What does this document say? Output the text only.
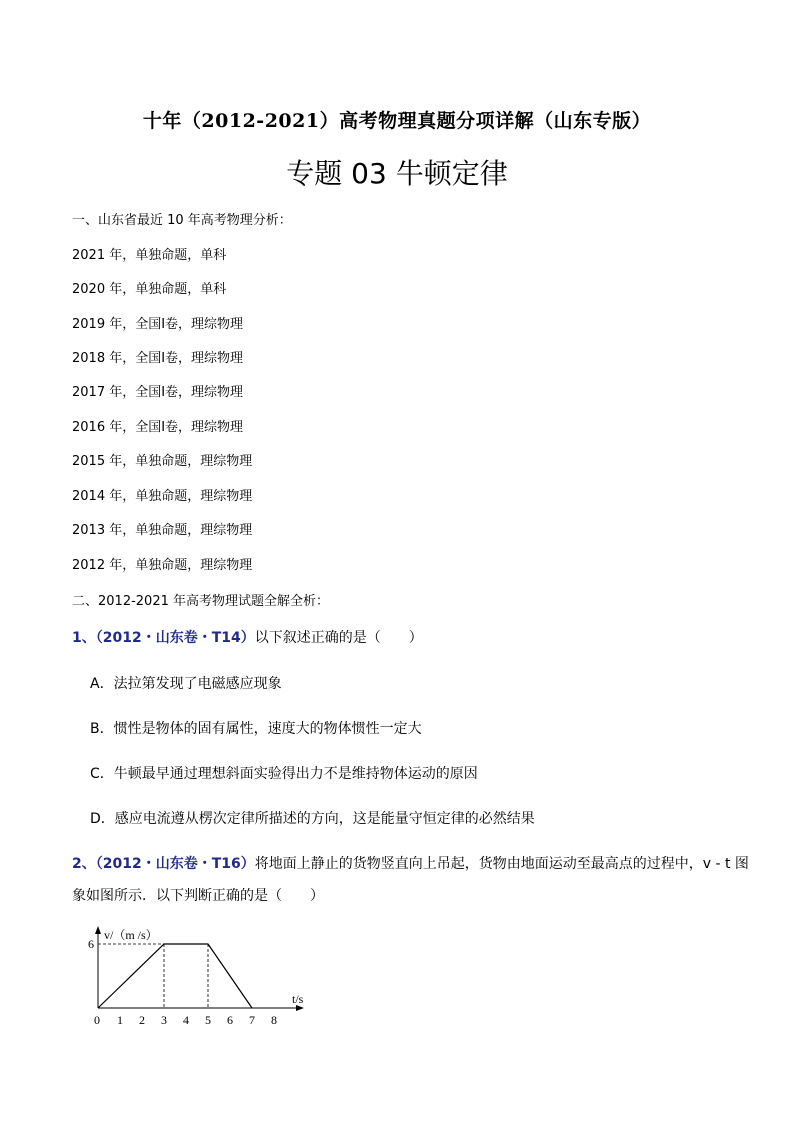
十年（2012-2021）高考物理真题分项详解（山东专版）
专题 03 牛顿定律
一、山东省最近 10 年高考物理分析：
2021 年，单独命题，单科
2020 年，单独命题，单科
2019 年，全国Ⅰ卷，理综物理
2018 年，全国Ⅰ卷，理综物理
2017 年，全国Ⅰ卷，理综物理
2016 年，全国Ⅰ卷，理综物理
2015 年，单独命题，理综物理
2014 年，单独命题，理综物理
2013 年，单独命题，理综物理
2012 年，单独命题，理综物理
二、2012-2021 年高考物理试题全解全析：
1、（2012・山东卷・T14）以下叙述正确的是（　　）
A．法拉第发现了电磁感应现象
B．惯性是物体的固有属性，速度大的物体惯性一定大
C．牛顿最早通过理想斜面实验得出力不是维持物体运动的原因
D．感应电流遵从楞次定律所描述的方向，这是能量守恒定律的必然结果
2、（2012・山东卷・T16）将地面上静止的货物竖直向上吊起，货物由地面运动至最高点的过程中，v - t 图
象如图所示．以下判断正确的是（　　）
v/（m /s）
t/s
0 1 2 3 4 5 6 7 8
6
